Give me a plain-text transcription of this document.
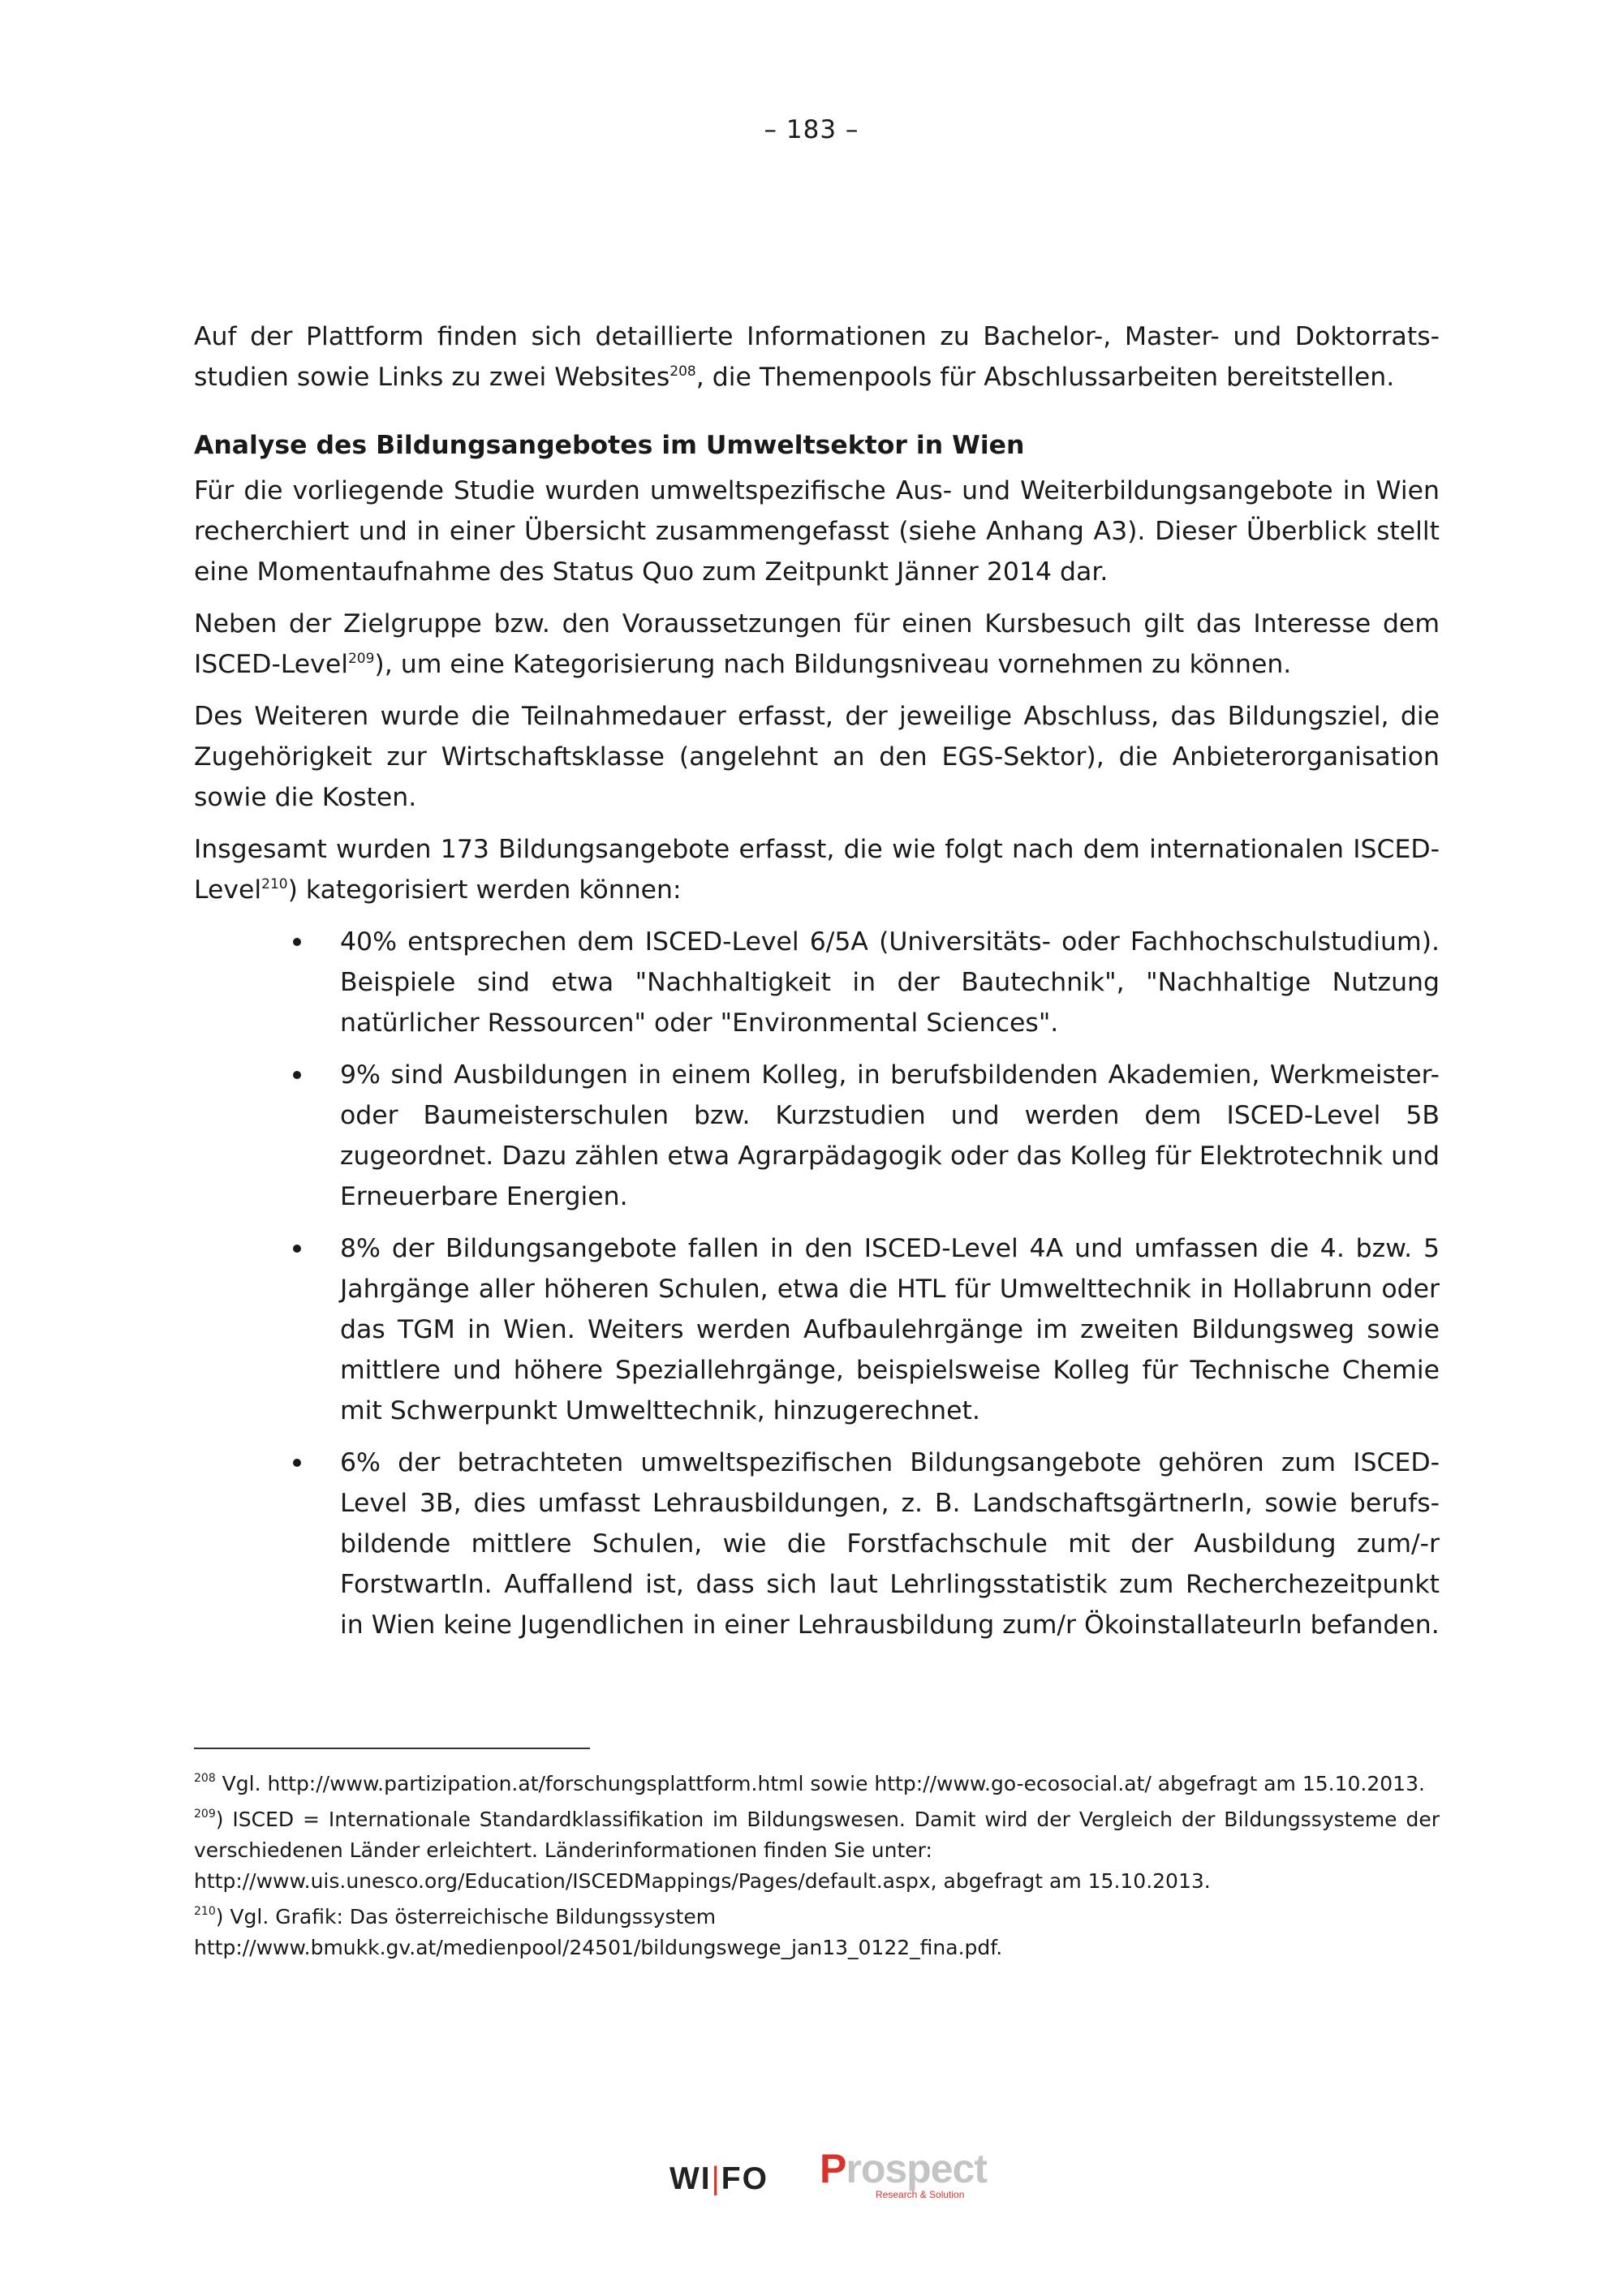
– 183 –

Auf der Plattform finden sich detaillierte Informationen zu Bachelor-, Master- und Doktorratsstudien sowie Links zu zwei Websites$^{208}$, die Themenpools für Abschlussarbeiten bereitstellen.

Analyse des Bildungsangebotes im Umweltsektor in Wien

Für die vorliegende Studie wurden umweltspezifische Aus- und Weiterbildungsangebote in Wien recherchiert und in einer Übersicht zusammengefasst (siehe Anhang A3). Dieser Überblick stellt eine Momentaufnahme des Status Quo zum Zeitpunkt Jänner 2014 dar.

Neben der Zielgruppe bzw. den Voraussetzungen für einen Kursbesuch gilt das Interesse dem ISCED-Level$^{209}$), um eine Kategorisierung nach Bildungsniveau vornehmen zu können.

Des Weiteren wurde die Teilnahmedauer erfasst, der jeweilige Abschluss, das Bildungsziel, die Zugehörigkeit zur Wirtschaftsklasse (angelehnt an den EGS-Sektor), die Anbieterorganisation sowie die Kosten.

Insgesamt wurden 173 Bildungsangebote erfasst, die wie folgt nach dem internationalen ISCED-Level$^{210}$) kategorisiert werden können:

40% entsprechen dem ISCED-Level 6/5A (Universitäts- oder Fachhochschulstudium). Beispiele sind etwa "Nachhaltigkeit in der Bautechnik", "Nachhaltige Nutzung natürlicher Ressourcen" oder "Environmental Sciences".
9% sind Ausbildungen in einem Kolleg, in berufsbildenden Akademien, Werkmeister- oder Baumeisterschulen bzw. Kurzstudien und werden dem ISCED-Level 5B zugeordnet. Dazu zählen etwa Agrarpädagogik oder das Kolleg für Elektrotechnik und Erneuerbare Energien.
8% der Bildungsangebote fallen in den ISCED-Level 4A und umfassen die 4. bzw. 5 Jahrgänge aller höheren Schulen, etwa die HTL für Umwelttechnik in Hollabrunn oder das TGM in Wien. Weiters werden Aufbaulehrgänge im zweiten Bildungsweg sowie mittlere und höhere Speziallehrgänge, beispielsweise Kolleg für Technische Chemie mit Schwerpunkt Umwelttechnik, hinzugerechnet.
6% der betrachteten umweltspezifischen Bildungsangebote gehören zum ISCED-Level 3B, dies umfasst Lehrausbildungen, z. B. LandschaftsgärtnerIn, sowie berufsbildende mittlere Schulen, wie die Forstfachschule mit der Ausbildung zum/-r ForstwartIn. Auffallend ist, dass sich laut Lehrlingsstatistik zum Recherchezeitpunkt in Wien keine Jugendlichen in einer Lehrausbildung zum/r ÖkoinstallateurIn befanden.

$^{208}$ Vgl. http://www.partizipation.at/forschungsplattform.html sowie http://www.go-ecosocial.at/ abgefragt am 15.10.2013.

$^{209}$) ISCED = Internationale Standardklassifikation im Bildungswesen. Damit wird der Vergleich der Bildungssysteme der verschiedenen Länder erleichtert. Länderinformationen finden Sie unter:
http://www.uis.unesco.org/Education/ISCEDMappings/Pages/default.aspx, abgefragt am 15.10.2013.

$^{210}$) Vgl. Grafik: Das österreichische Bildungssystem
http://www.bmukk.gv.at/medienpool/24501/bildungswege_jan13_0122_fina.pdf.

WI|FO Prospect
Research & Solution
